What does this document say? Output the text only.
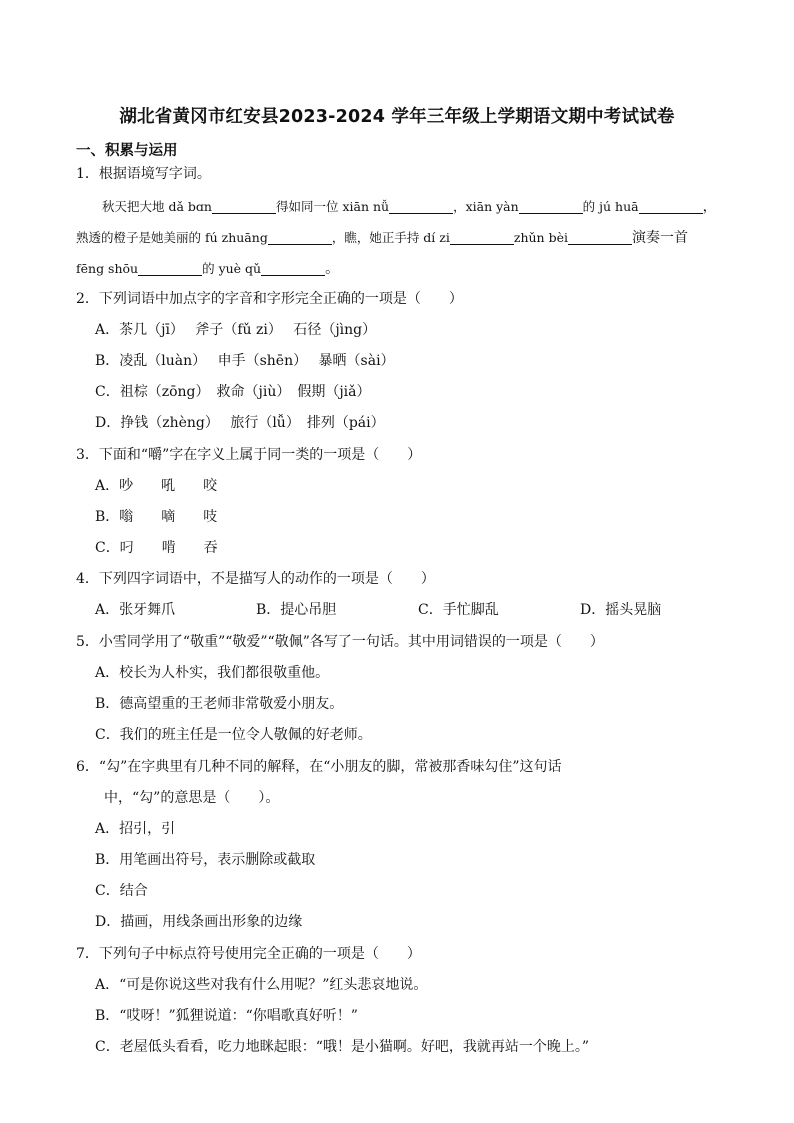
湖北省黄冈市红安县2023-2024 学年三年级上学期语文期中考试试卷
一、积累与运用
1．根据语境写字词。
秋天把大地 dǎ bɑn	得如同一位 xiān nǚ	，xiān yàn	的 jú huā	，
熟透的橙子是她美丽的 fú zhuāng	，瞧，她正手持 dí zi	zhǔn bèi	演奏一首
fēng shōu	的 yuè qǔ	。
2．下列词语中加点字的字音和字形完全正确的一项是（　　）
A．茶几（jī）　 斧子（fǔ zi）　 石径（jìng）
B．凌乱（luàn）　 申手（shēn）　 暴晒（sài）
C．祖棕（zōng）　救命（jiù）　假期（jiǎ）
D．挣钱（zhèng）　 旅行（lǚ）　排列（pái）
3．下面和“嚼”字在字义上属于同一类的一项是（　　）
A．吵　　吼　　咬
B．嗡　　嘀　　吱
C．叼　　啃　　吞
4．下列四字词语中，不是描写人的动作的一项是（　　）
A．张牙舞爪	B．提心吊胆	C．手忙脚乱	D．摇头晃脑
5．小雪同学用了“敬重”“敬爱”“敬佩”各写了一句话。其中用词错误的一项是（　　）
A．校长为人朴实，我们都很敬重他。
B．德高望重的王老师非常敬爱小朋友。
C．我们的班主任是一位令人敬佩的好老师。
6．“勾”在字典里有几种不同的解释，在“小朋友的脚，常被那香味勾住”这句话
中，“勾”的意思是（　　）。
A．招引，引
B．用笔画出符号，表示删除或截取
C．结合
D．描画，用线条画出形象的边缘
7．下列句子中标点符号使用完全正确的一项是（　　）
A．“可是你说这些对我有什么用呢？”红头悲哀地说。
B．“哎呀！”狐狸说道：“你唱歌真好听！”
C．老屋低头看看，吃力地眯起眼：“哦！是小猫啊。好吧，我就再站一个晚上。”
